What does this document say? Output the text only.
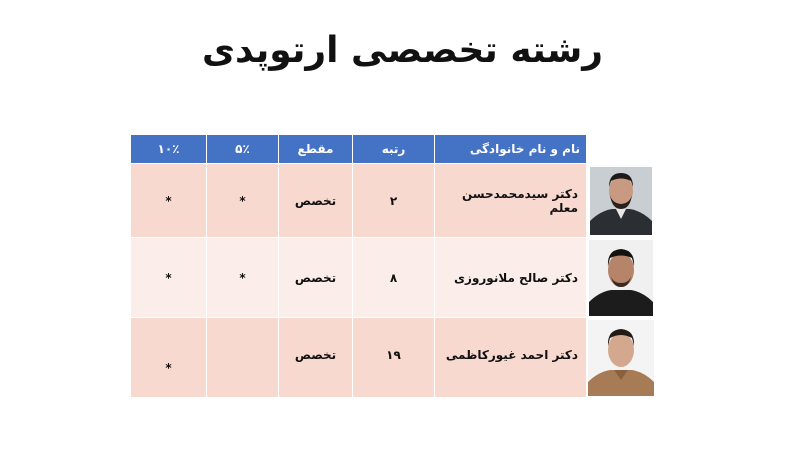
رشته تخصصی ارتوپدی
نام و نام خانوادگی
رتبه
مقطع
۵٪
۱۰٪
دکتر سیدمحمدحسن معلم
۲
تخصص
*
*
دکتر صالح ملانوروزی
۸
تخصص
*
*
دکتر احمد غیورکاظمی
۱۹
تخصص
*
